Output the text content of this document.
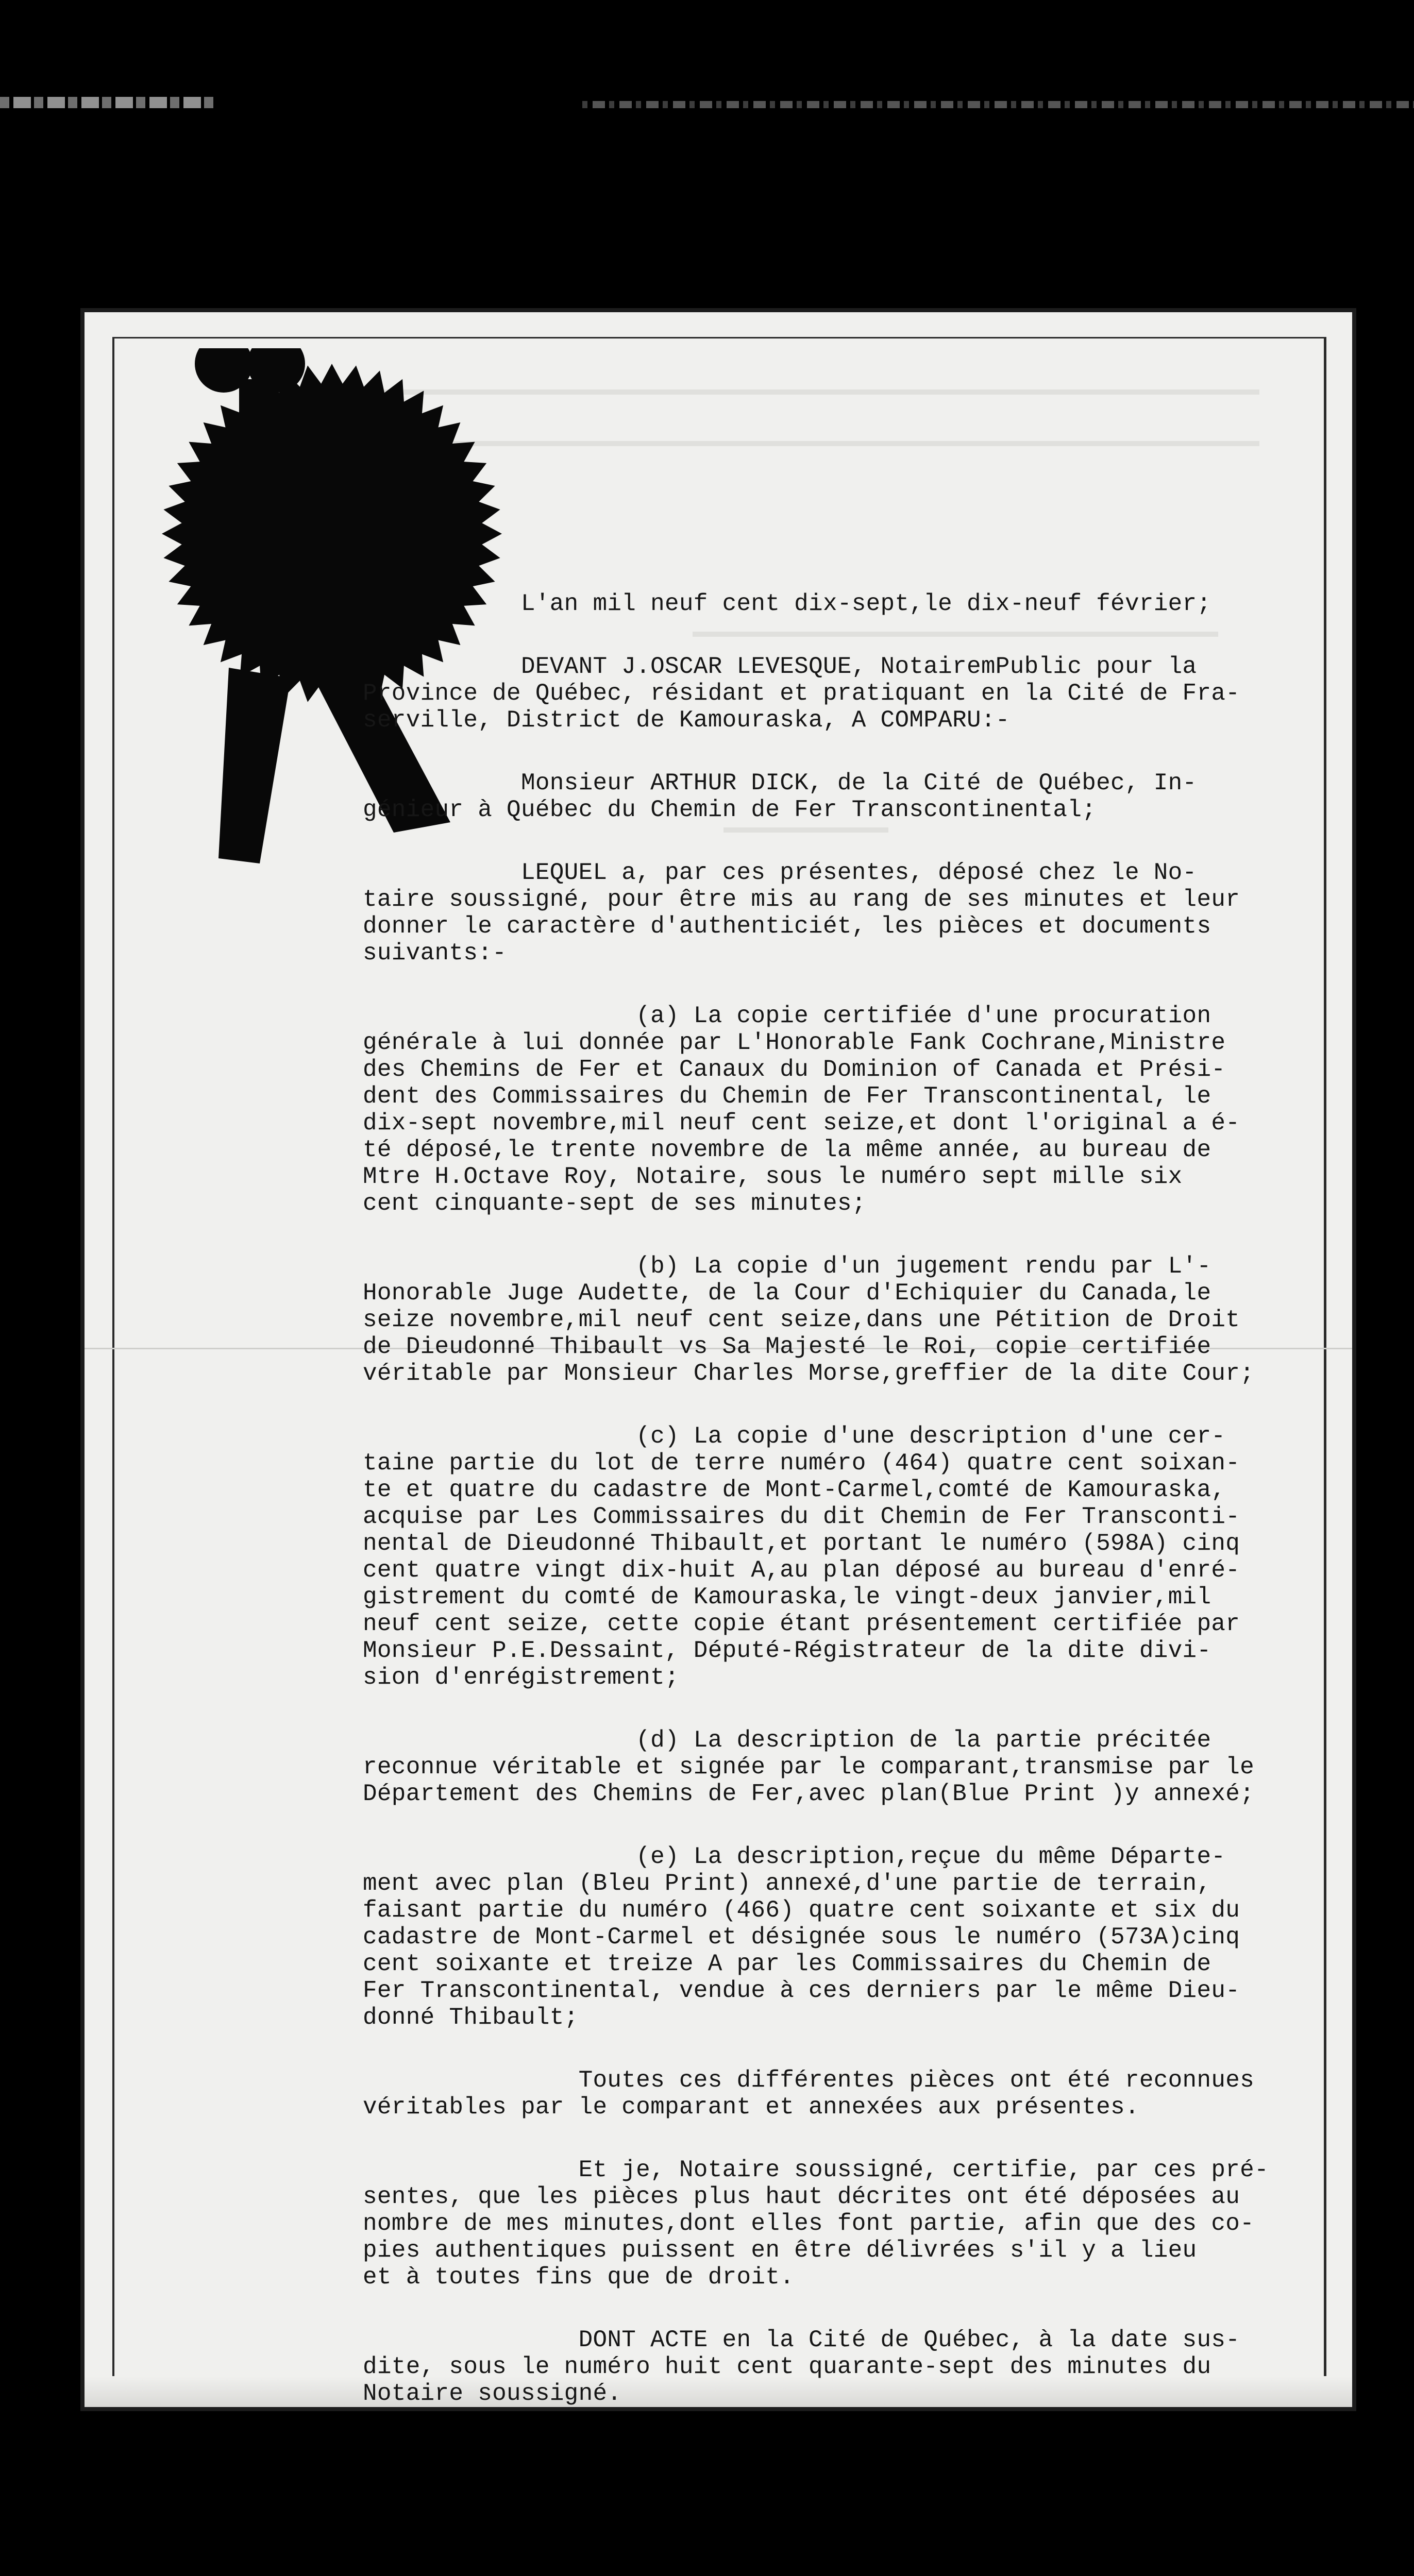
L'an mil neuf cent dix-sept,le dix-neuf février;
DEVANT J.OSCAR LEVESQUE, NotairemPublic pour la
Province de Québec, résidant et pratiquant en la Cité de Fra-
serville, District de Kamouraska, A COMPARU:-
Monsieur ARTHUR DICK, de la Cité de Québec, In-
génieur à Québec du Chemin de Fer Transcontinental;
LEQUEL a, par ces présentes, déposé chez le No-
taire soussigné, pour être mis au rang de ses minutes et leur
donner le caractère d'authenticiét, les pièces et documents
suivants:-
(a) La copie certifiée d'une procuration
générale à lui donnée par L'Honorable Fank Cochrane,Ministre
des Chemins de Fer et Canaux du Dominion of Canada et Prési-
dent des Commissaires du Chemin de Fer Transcontinental, le
dix-sept novembre,mil neuf cent seize,et dont l'original a é-
té déposé,le trente novembre de la même année, au bureau de
Mtre H.Octave Roy, Notaire, sous le numéro sept mille six
cent cinquante-sept de ses minutes;
(b) La copie d'un jugement rendu par L'-
Honorable Juge Audette, de la Cour d'Echiquier du Canada,le
seize novembre,mil neuf cent seize,dans une Pétition de Droit
de Dieudonné Thibault vs Sa Majesté le Roi, copie certifiée
véritable par Monsieur Charles Morse,greffier de la dite Cour;
(c) La copie d'une description d'une cer-
taine partie du lot de terre numéro (464) quatre cent soixan-
te et quatre du cadastre de Mont-Carmel,comté de Kamouraska,
acquise par Les Commissaires du dit Chemin de Fer Transconti-
nental de Dieudonné Thibault,et portant le numéro (598A) cinq
cent quatre vingt dix-huit A,au plan déposé au bureau d'enré-
gistrement du comté de Kamouraska,le vingt-deux janvier,mil
neuf cent seize, cette copie étant présentement certifiée par
Monsieur P.E.Dessaint, Député-Régistrateur de la dite divi-
sion d'enrégistrement;
(d) La description de la partie précitée
reconnue véritable et signée par le comparant,transmise par le
Département des Chemins de Fer,avec plan(Blue Print )y annexé;
(e) La description,reçue du même Départe-
ment avec plan (Bleu Print) annexé,d'une partie de terrain,
faisant partie du numéro (466) quatre cent soixante et six du
cadastre de Mont-Carmel et désignée sous le numéro (573A)cinq
cent soixante et treize A par les Commissaires du Chemin de
Fer Transcontinental, vendue à ces derniers par le même Dieu-
donné Thibault;
Toutes ces différentes pièces ont été reconnues
véritables par le comparant et annexées aux présentes.
Et je, Notaire soussigné, certifie, par ces pré-
sentes, que les pièces plus haut décrites ont été déposées au
nombre de mes minutes,dont elles font partie, afin que des co-
pies authentiques puissent en être délivrées s'il y a lieu
et à toutes fins que de droit.
DONT ACTE en la Cité de Québec, à la date sus-
dite, sous le numéro huit cent quarante-sept des minutes du
Notaire soussigné.
